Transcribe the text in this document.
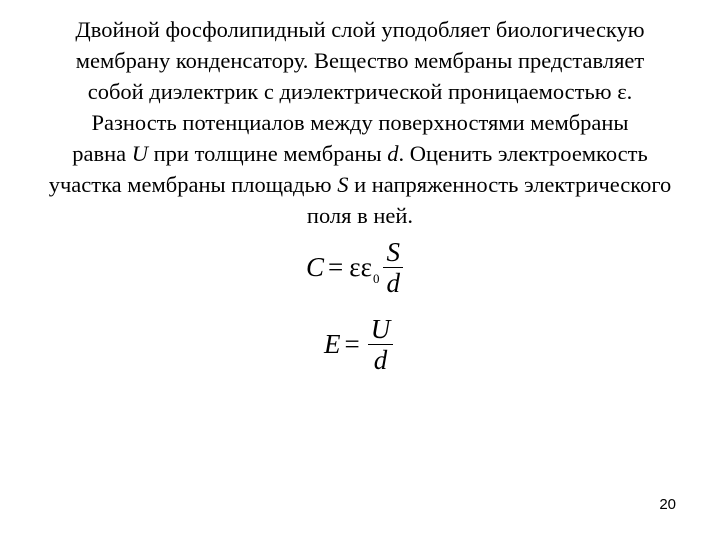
Двойной фосфолипидный слой уподобляет биологическую
мембрану конденсатору. Вещество мембраны представляет
собой диэлектрик с диэлектрической проницаемостью ε.
Разность потенциалов между поверхностями мембраны
равна U при толщине мембраны d. Оценить электроемкость
участка мембраны площадью S и напряженность электрического
поля в ней.
C = εε $0 \frac{S}{d}$
$E = \frac{U}{d}$
20
